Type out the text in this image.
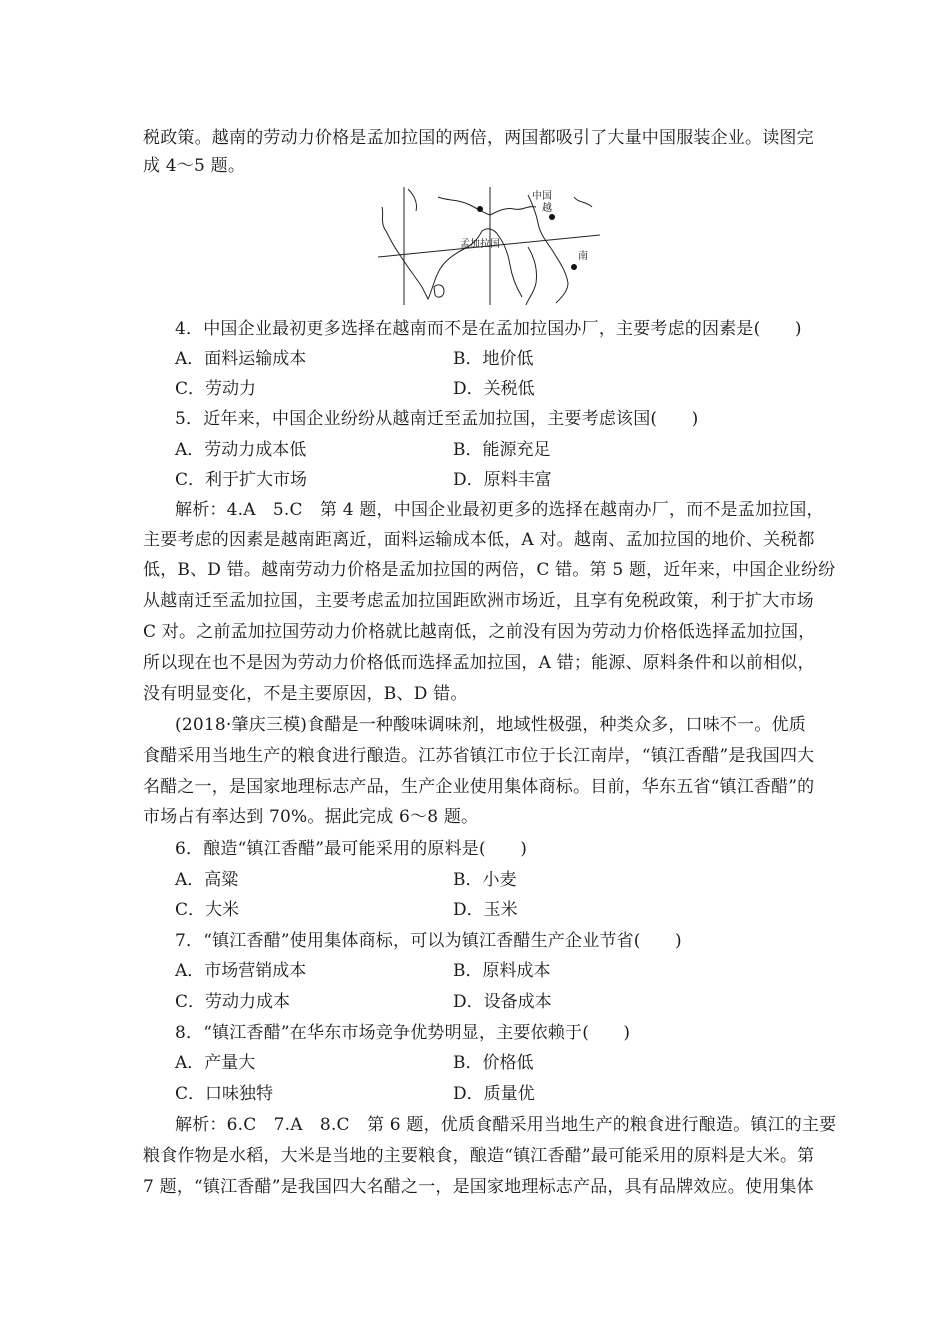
税政策。越南的劳动力价格是孟加拉国的两倍，两国都吸引了大量中国服装企业。读图完
成 4～5 题。
中国
越
孟加拉国
南
4．中国企业最初更多选择在越南而不是在孟加拉国办厂，主要考虑的因素是(　　)
A．面料运输成本	B．地价低
C．劳动力	D．关税低
5．近年来，中国企业纷纷从越南迁至孟加拉国，主要考虑该国(　　)
A．劳动力成本低	B．能源充足
C．利于扩大市场	D．原料丰富
解析：4.A　5.C　第 4 题，中国企业最初更多的选择在越南办厂，而不是孟加拉国，
主要考虑的因素是越南距离近，面料运输成本低，A 对。越南、孟加拉国的地价、关税都
低，B、D 错。越南劳动力价格是孟加拉国的两倍，C 错。第 5 题，近年来，中国企业纷纷
从越南迁至孟加拉国，主要考虑孟加拉国距欧洲市场近，且享有免税政策，利于扩大市场
C 对。之前孟加拉国劳动力价格就比越南低，之前没有因为劳动力价格低选择孟加拉国，
所以现在也不是因为劳动力价格低而选择孟加拉国，A 错；能源、原料条件和以前相似，
没有明显变化，不是主要原因，B、D 错。
(2018·肇庆三模)食醋是一种酸味调味剂，地域性极强，种类众多，口味不一。优质
食醋采用当地生产的粮食进行酿造。江苏省镇江市位于长江南岸，“镇江香醋”是我国四大
名醋之一，是国家地理标志产品，生产企业使用集体商标。目前，华东五省“镇江香醋”的
市场占有率达到 70%。据此完成 6～8 题。
6．酿造“镇江香醋”最可能采用的原料是(　　)
A．高粱	B．小麦
C．大米	D．玉米
7．“镇江香醋”使用集体商标，可以为镇江香醋生产企业节省(　　)
A．市场营销成本	B．原料成本
C．劳动力成本	D．设备成本
8．“镇江香醋”在华东市场竞争优势明显，主要依赖于(　　)
A．产量大	B．价格低
C．口味独特	D．质量优
解析：6.C　7.A　8.C　第 6 题，优质食醋采用当地生产的粮食进行酿造。镇江的主要
粮食作物是水稻，大米是当地的主要粮食，酿造“镇江香醋”最可能采用的原料是大米。第
7 题，“镇江香醋”是我国四大名醋之一，是国家地理标志产品，具有品牌效应。使用集体
